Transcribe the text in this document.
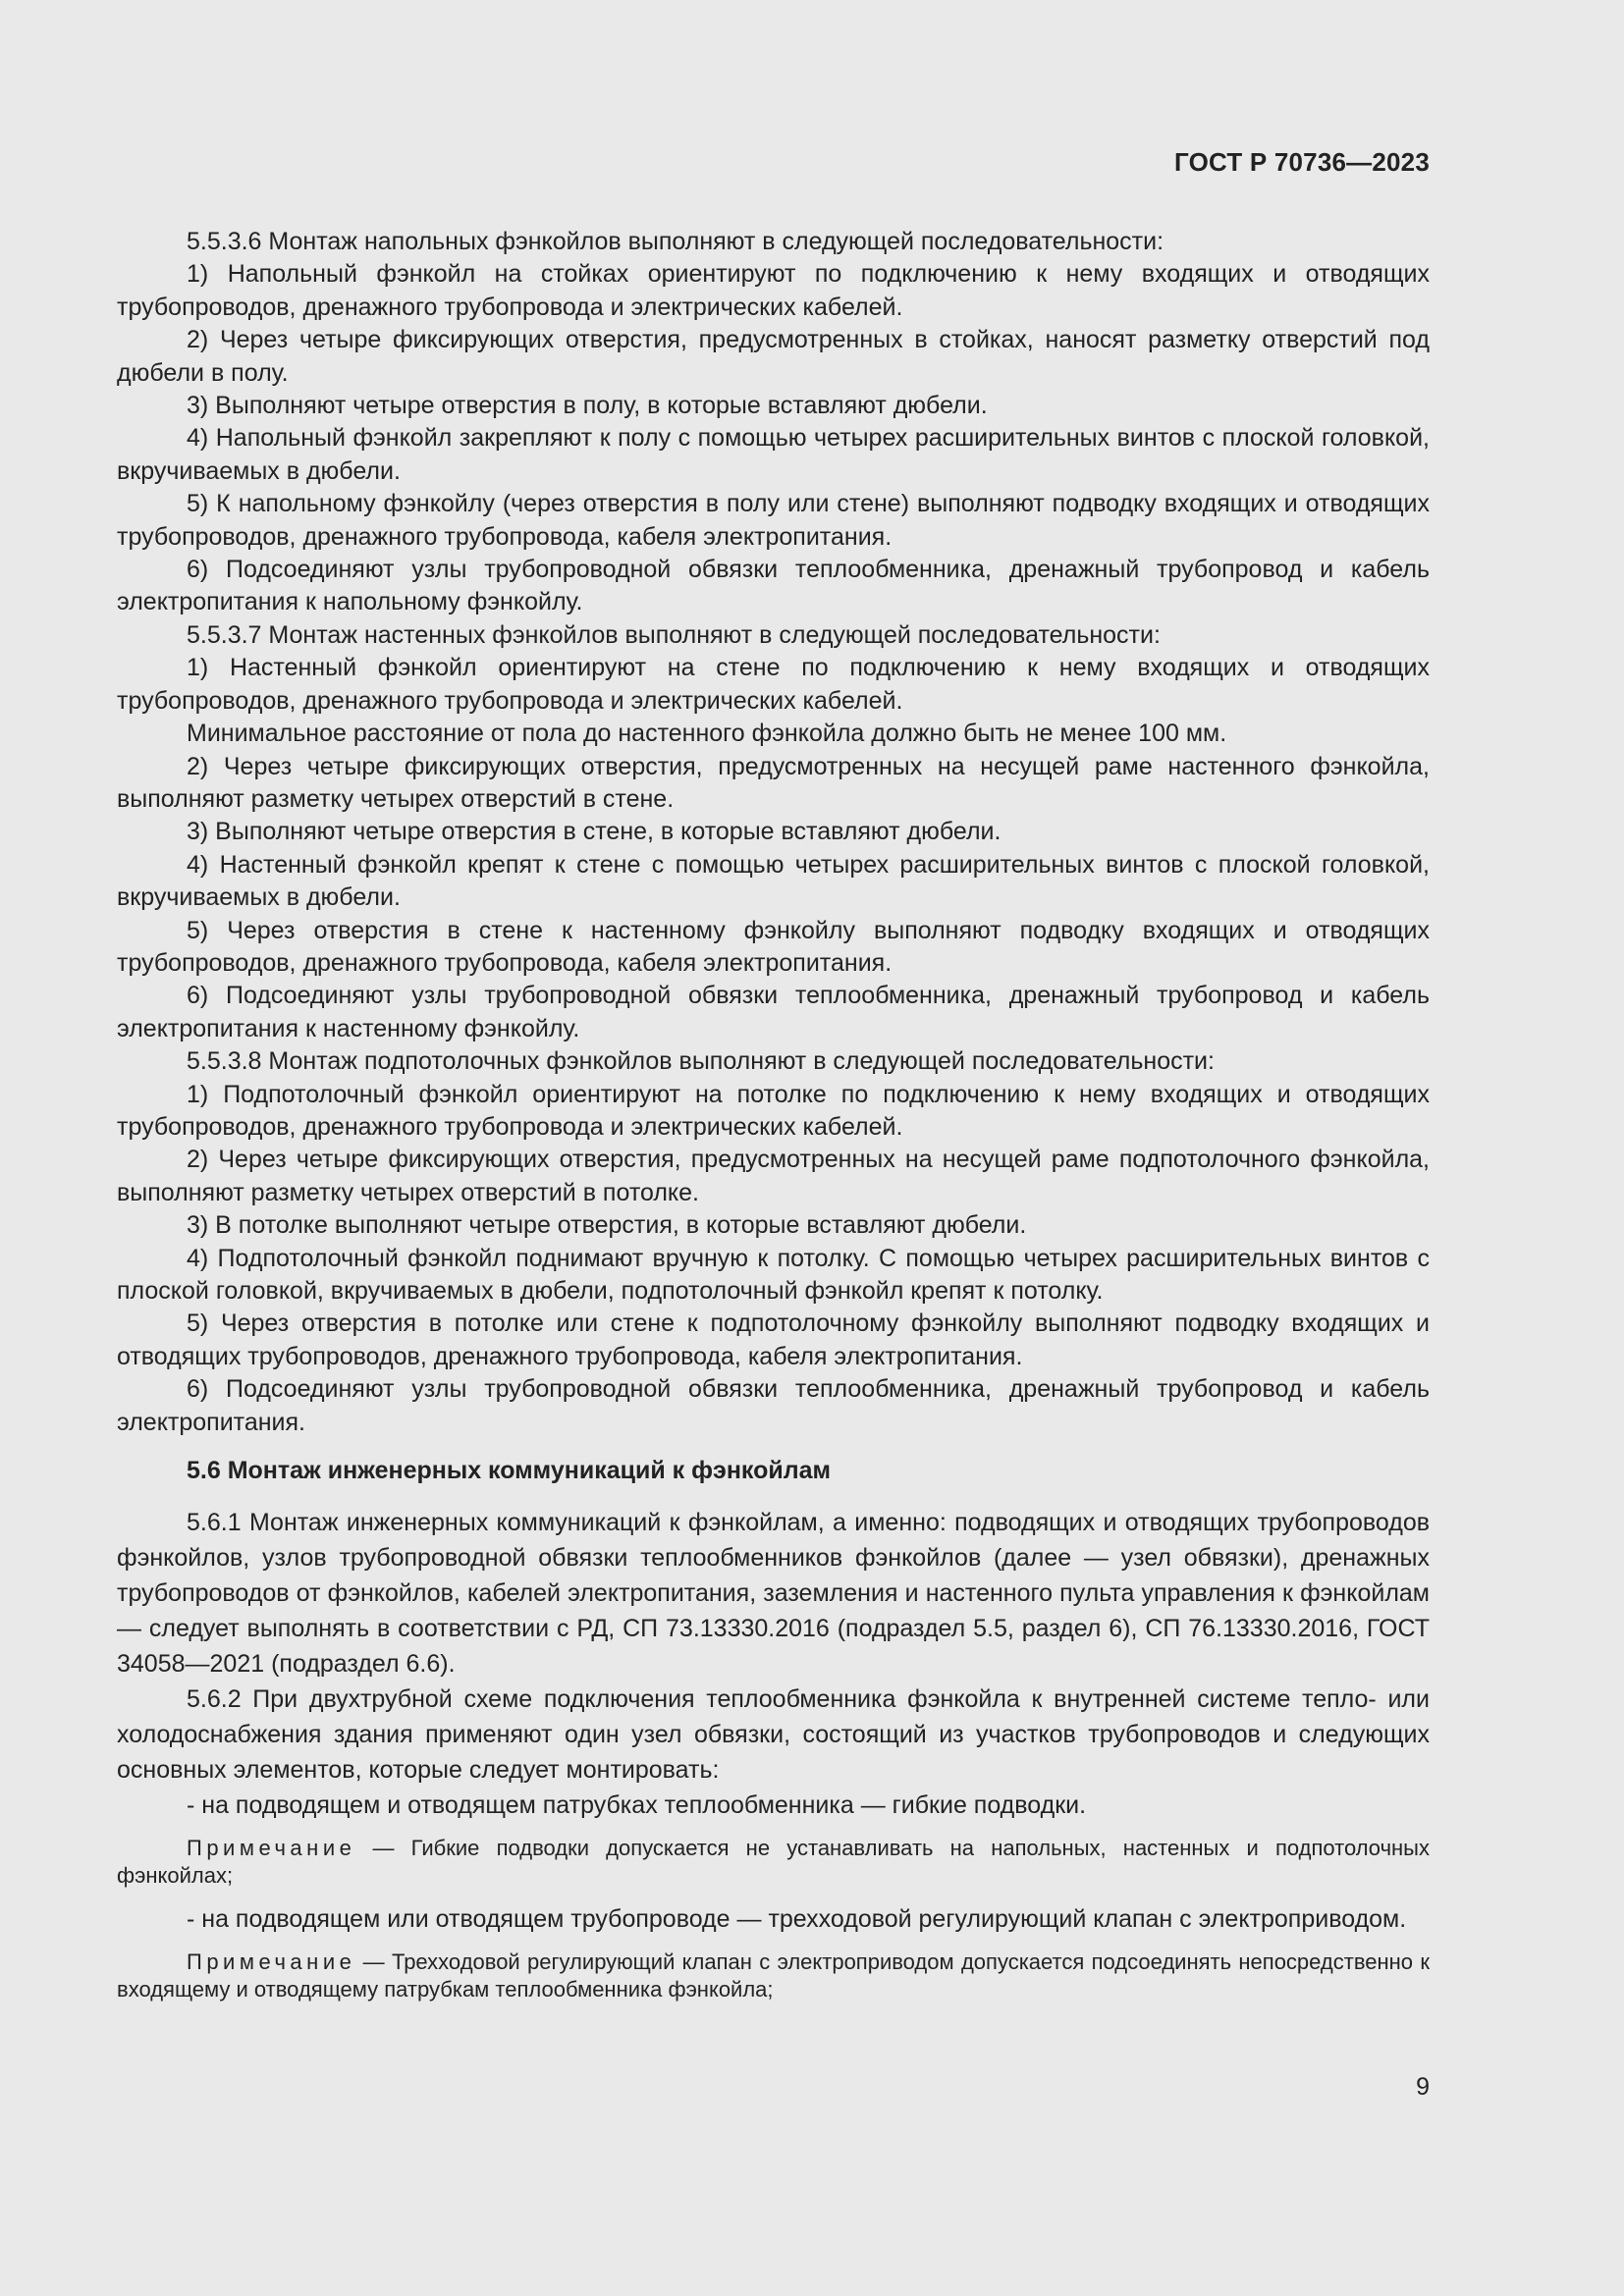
ГОСТ Р 70736—2023

5.5.3.6 Монтаж напольных фэнкойлов выполняют в следующей последовательности:

1) Напольный фэнкойл на стойках ориентируют по подключению к нему входящих и отводящих трубопроводов, дренажного трубопровода и электрических кабелей.

2) Через четыре фиксирующих отверстия, предусмотренных в стойках, наносят разметку отверстий под дюбели в полу.

3) Выполняют четыре отверстия в полу, в которые вставляют дюбели.

4) Напольный фэнкойл закрепляют к полу с помощью четырех расширительных винтов с плоской головкой, вкручиваемых в дюбели.

5) К напольному фэнкойлу (через отверстия в полу или стене) выполняют подводку входящих и отводящих трубопроводов, дренажного трубопровода, кабеля электропитания.

6) Подсоединяют узлы трубопроводной обвязки теплообменника, дренажный трубопровод и кабель электропитания к напольному фэнкойлу.

5.5.3.7 Монтаж настенных фэнкойлов выполняют в следующей последовательности:

1) Настенный фэнкойл ориентируют на стене по подключению к нему входящих и отводящих трубопроводов, дренажного трубопровода и электрических кабелей.

Минимальное расстояние от пола до настенного фэнкойла должно быть не менее 100 мм.

2) Через четыре фиксирующих отверстия, предусмотренных на несущей раме настенного фэнкойла, выполняют разметку четырех отверстий в стене.

3) Выполняют четыре отверстия в стене, в которые вставляют дюбели.

4) Настенный фэнкойл крепят к стене с помощью четырех расширительных винтов с плоской головкой, вкручиваемых в дюбели.

5) Через отверстия в стене к настенному фэнкойлу выполняют подводку входящих и отводящих трубопроводов, дренажного трубопровода, кабеля электропитания.

6) Подсоединяют узлы трубопроводной обвязки теплообменника, дренажный трубопровод и кабель электропитания к настенному фэнкойлу.

5.5.3.8 Монтаж подпотолочных фэнкойлов выполняют в следующей последовательности:

1) Подпотолочный фэнкойл ориентируют на потолке по подключению к нему входящих и отводящих трубопроводов, дренажного трубопровода и электрических кабелей.

2) Через четыре фиксирующих отверстия, предусмотренных на несущей раме подпотолочного фэнкойла, выполняют разметку четырех отверстий в потолке.

3) В потолке выполняют четыре отверстия, в которые вставляют дюбели.

4) Подпотолочный фэнкойл поднимают вручную к потолку. С помощью четырех расширительных винтов с плоской головкой, вкручиваемых в дюбели, подпотолочный фэнкойл крепят к потолку.

5) Через отверстия в потолке или стене к подпотолочному фэнкойлу выполняют подводку входящих и отводящих трубопроводов, дренажного трубопровода, кабеля электропитания.

6) Подсоединяют узлы трубопроводной обвязки теплообменника, дренажный трубопровод и кабель электропитания.

5.6 Монтаж инженерных коммуникаций к фэнкойлам

5.6.1 Монтаж инженерных коммуникаций к фэнкойлам, а именно: подводящих и отводящих трубопроводов фэнкойлов, узлов трубопроводной обвязки теплообменников фэнкойлов (далее — узел обвязки), дренажных трубопроводов от фэнкойлов, кабелей электропитания, заземления и настенного пульта управления к фэнкойлам — следует выполнять в соответствии с РД, СП 73.13330.2016 (подраздел 5.5, раздел 6), СП 76.13330.2016, ГОСТ 34058—2021 (подраздел 6.6).

5.6.2 При двухтрубной схеме подключения теплообменника фэнкойла к внутренней системе тепло- или холодоснабжения здания применяют один узел обвязки, состоящий из участков трубопроводов и следующих основных элементов, которые следует монтировать:

- на подводящем и отводящем патрубках теплообменника — гибкие подводки.

Примечание — Гибкие подводки допускается не устанавливать на напольных, настенных и подпотолочных фэнкойлах;

- на подводящем или отводящем трубопроводе — трехходовой регулирующий клапан с электроприводом.

Примечание — Трехходовой регулирующий клапан с электроприводом допускается подсоединять непосредственно к входящему и отводящему патрубкам теплообменника фэнкойла;

9
